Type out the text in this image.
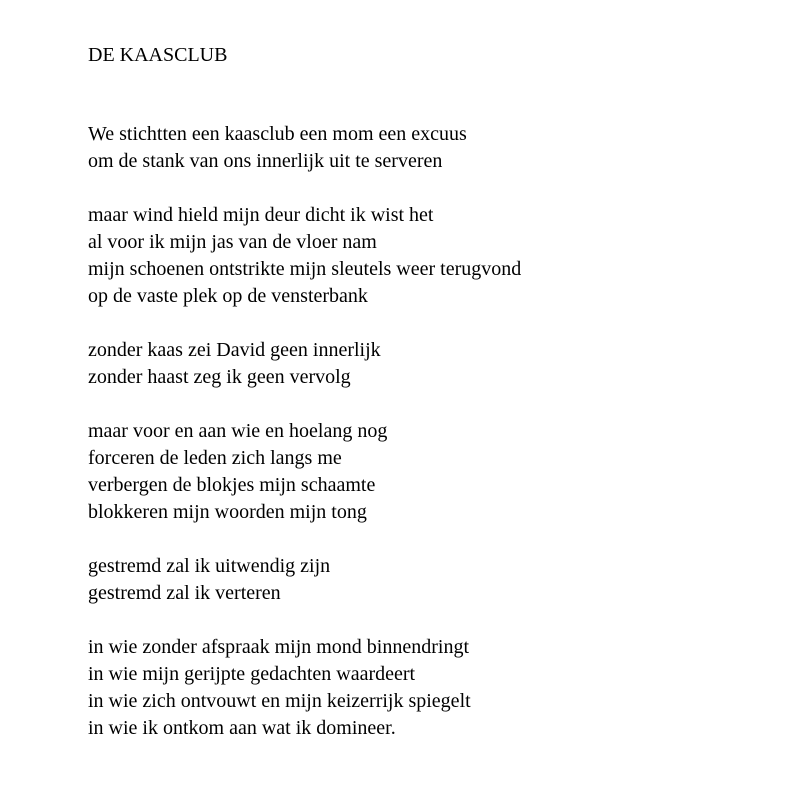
DE KAASCLUB
We stichtten een kaasclub een mom een excuus
om de stank van ons innerlijk uit te serveren
maar wind hield mijn deur dicht ik wist het
al voor ik mijn jas van de vloer nam
mijn schoenen ontstrikte mijn sleutels weer terugvond
op de vaste plek op de vensterbank
zonder kaas zei David geen innerlijk
zonder haast zeg ik geen vervolg
maar voor en aan wie en hoelang nog
forceren de leden zich langs me
verbergen de blokjes mijn schaamte
blokkeren mijn woorden mijn tong
gestremd zal ik uitwendig zijn
gestremd zal ik verteren
in wie zonder afspraak mijn mond binnendringt
in wie mijn gerijpte gedachten waardeert
in wie zich ontvouwt en mijn keizerrijk spiegelt
in wie ik ontkom aan wat ik domineer.
